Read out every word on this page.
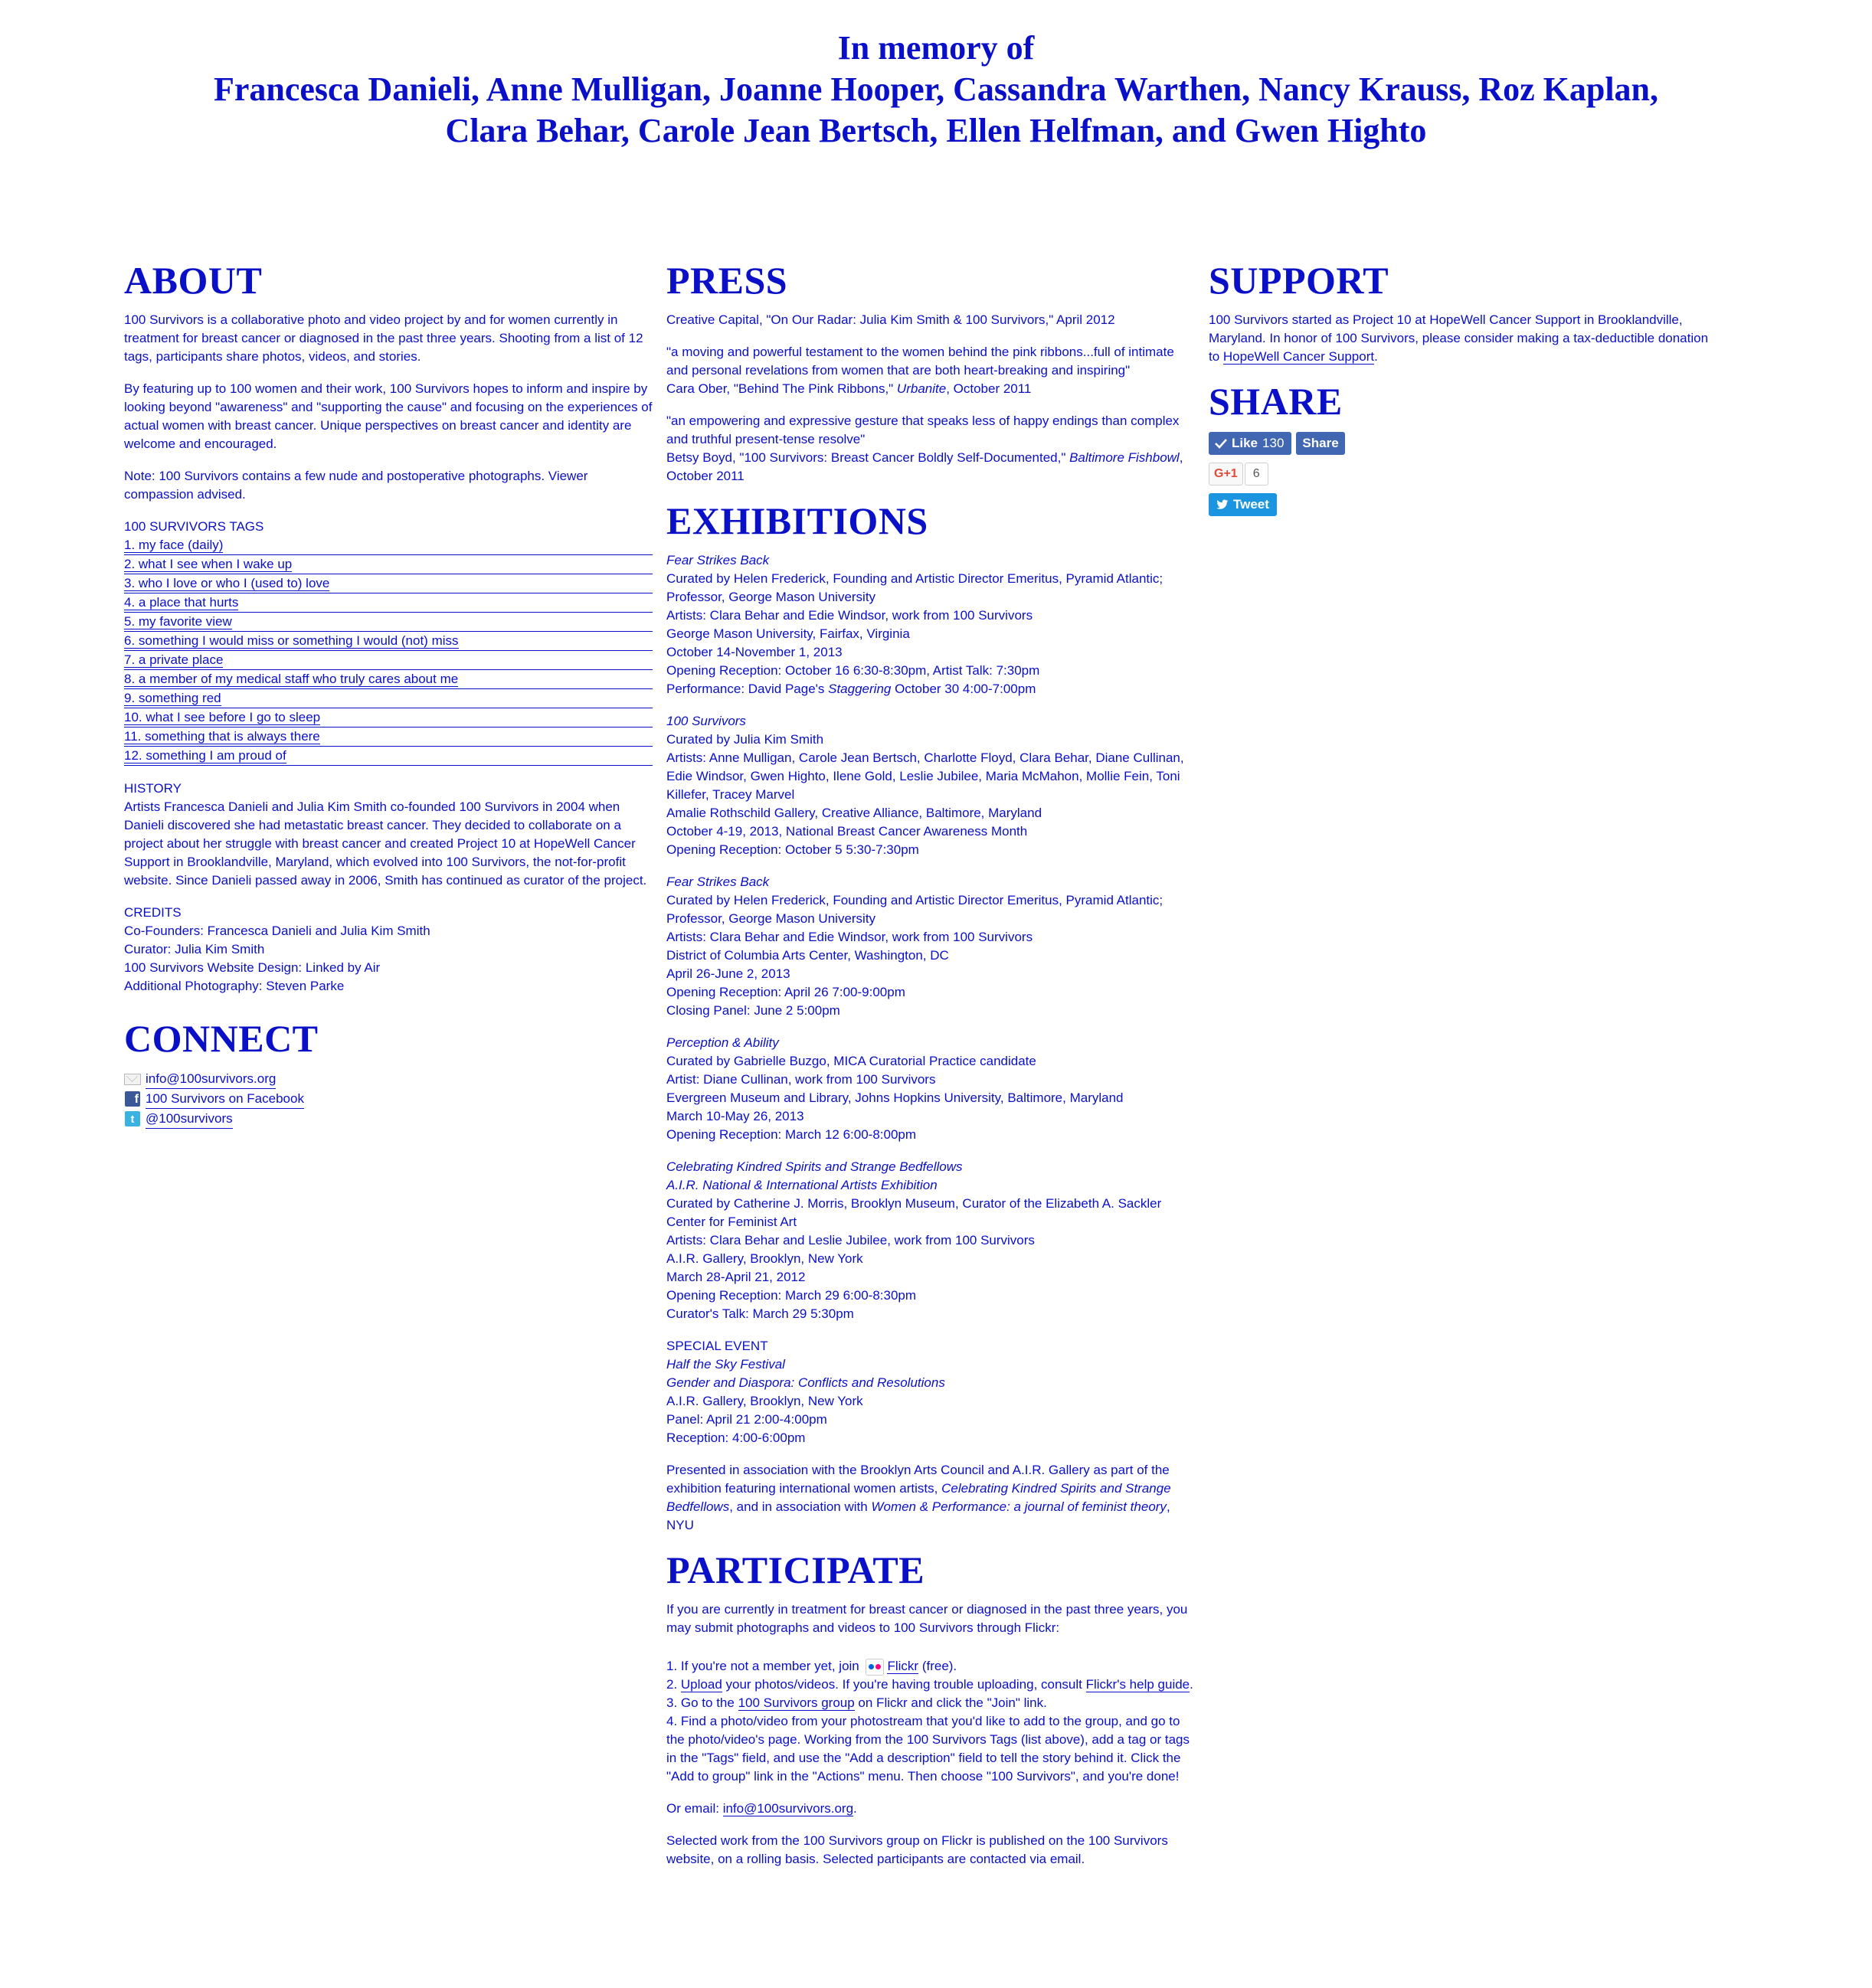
In memory of
Francesca Danieli, Anne Mulligan, Joanne Hooper, Cassandra Warthen, Nancy Krauss, Roz Kaplan, Clara Behar, Carole Jean Bertsch, Ellen Helfman, and Gwen Highto
ABOUT

100 Survivors is a collaborative photo and video project by and for women currently in treatment for breast cancer or diagnosed in the past three years. Shooting from a list of 12 tags, participants share photos, videos, and stories.

By featuring up to 100 women and their work, 100 Survivors hopes to inform and inspire by looking beyond "awareness" and "supporting the cause" and focusing on the experiences of actual women with breast cancer. Unique perspectives on breast cancer and identity are welcome and encouraged.

Note: 100 Survivors contains a few nude and postoperative photographs. Viewer compassion advised.

100 SURVIVORS TAGS
1. my face (daily)
2. what I see when I wake up
3. who I love or who I (used to) love
4. a place that hurts
5. my favorite view
6. something I would miss or something I would (not) miss
7. a private place
8. a member of my medical staff who truly cares about me
9. something red
10. what I see before I go to sleep
11. something that is always there
12. something I am proud of
HISTORY
Artists Francesca Danieli and Julia Kim Smith co-founded 100 Survivors in 2004 when Danieli discovered she had metastatic breast cancer. They decided to collaborate on a project about her struggle with breast cancer and created Project 10 at HopeWell Cancer Support in Brooklandville, Maryland, which evolved into 100 Survivors, the not-for-profit website. Since Danieli passed away in 2006, Smith has continued as curator of the project.
CREDITS
Co-Founders: Francesca Danieli and Julia Kim Smith
Curator: Julia Kim Smith
100 Survivors Website Design: Linked by Air
Additional Photography: Steven Parke
CONNECT
info@100survivors.org
f 100 Survivors on Facebook
t @100survivors
PRESS

Creative Capital, "On Our Radar: Julia Kim Smith & 100 Survivors," April 2012

"a moving and powerful testament to the women behind the pink ribbons...full of intimate and personal revelations from women that are both heart-breaking and inspiring"
Cara Ober, "Behind The Pink Ribbons," Urbanite, October 2011

"an empowering and expressive gesture that speaks less of happy endings than complex and truthful present-tense resolve"
Betsy Boyd, "100 Survivors: Breast Cancer Boldly Self-Documented," Baltimore Fishbowl, October 2011

EXHIBITIONS
Fear Strikes Back
Curated by Helen Frederick, Founding and Artistic Director Emeritus, Pyramid Atlantic; Professor, George Mason University
Artists: Clara Behar and Edie Windsor, work from 100 Survivors
George Mason University, Fairfax, Virginia
October 14-November 1, 2013
Opening Reception: October 16 6:30-8:30pm, Artist Talk: 7:30pm
Performance: David Page's Staggering October 30 4:00-7:00pm
100 Survivors
Curated by Julia Kim Smith
Artists: Anne Mulligan, Carole Jean Bertsch, Charlotte Floyd, Clara Behar, Diane Cullinan, Edie Windsor, Gwen Highto, Ilene Gold, Leslie Jubilee, Maria McMahon, Mollie Fein, Toni Killefer, Tracey Marvel
Amalie Rothschild Gallery, Creative Alliance, Baltimore, Maryland
October 4-19, 2013, National Breast Cancer Awareness Month
Opening Reception: October 5 5:30-7:30pm
Fear Strikes Back
Curated by Helen Frederick, Founding and Artistic Director Emeritus, Pyramid Atlantic; Professor, George Mason University
Artists: Clara Behar and Edie Windsor, work from 100 Survivors
District of Columbia Arts Center, Washington, DC
April 26-June 2, 2013
Opening Reception: April 26 7:00-9:00pm
Closing Panel: June 2 5:00pm
Perception & Ability
Curated by Gabrielle Buzgo, MICA Curatorial Practice candidate
Artist: Diane Cullinan, work from 100 Survivors
Evergreen Museum and Library, Johns Hopkins University, Baltimore, Maryland
March 10-May 26, 2013
Opening Reception: March 12 6:00-8:00pm
Celebrating Kindred Spirits and Strange Bedfellows
A.I.R. National & International Artists Exhibition
Curated by Catherine J. Morris, Brooklyn Museum, Curator of the Elizabeth A. Sackler Center for Feminist Art
Artists: Clara Behar and Leslie Jubilee, work from 100 Survivors
A.I.R. Gallery, Brooklyn, New York
March 28-April 21, 2012
Opening Reception: March 29 6:00-8:30pm
Curator's Talk: March 29 5:30pm
SPECIAL EVENT
Half the Sky Festival
Gender and Diaspora: Conflicts and Resolutions
A.I.R. Gallery, Brooklyn, New York
Panel: April 21 2:00-4:00pm
Reception: 4:00-6:00pm

Presented in association with the Brooklyn Arts Council and A.I.R. Gallery as part of the exhibition featuring international women artists, Celebrating Kindred Spirits and Strange Bedfellows, and in association with Women & Performance: a journal of feminist theory, NYU

PARTICIPATE

If you are currently in treatment for breast cancer or diagnosed in the past three years, you may submit photographs and videos to 100 Survivors through Flickr:

1. If you're not a member yet, join
Flickr (free).
2. Upload your photos/videos. If you're having trouble uploading, consult Flickr's help guide.
3. Go to the 100 Survivors group on Flickr and click the "Join" link.
4. Find a photo/video from your photostream that you'd like to add to the group, and go to the photo/video's page. Working from the 100 Survivors Tags (list above), add a tag or tags in the "Tags" field, and use the "Add a description" field to tell the story behind it. Click the "Add to group" link in the "Actions" menu. Then choose "100 Survivors", and you're done!

Or email: info@100survivors.org.

Selected work from the 100 Survivors group on Flickr is published on the 100 Survivors website, on a rolling basis. Selected participants are contacted via email.

SUPPORT

100 Survivors started as Project 10 at HopeWell Cancer Support in Brooklandville, Maryland. In honor of 100 Survivors, please consider making a tax-deductible donation to HopeWell Cancer Support.

SHARE
Like 130	Share
G+1	6
Tweet
